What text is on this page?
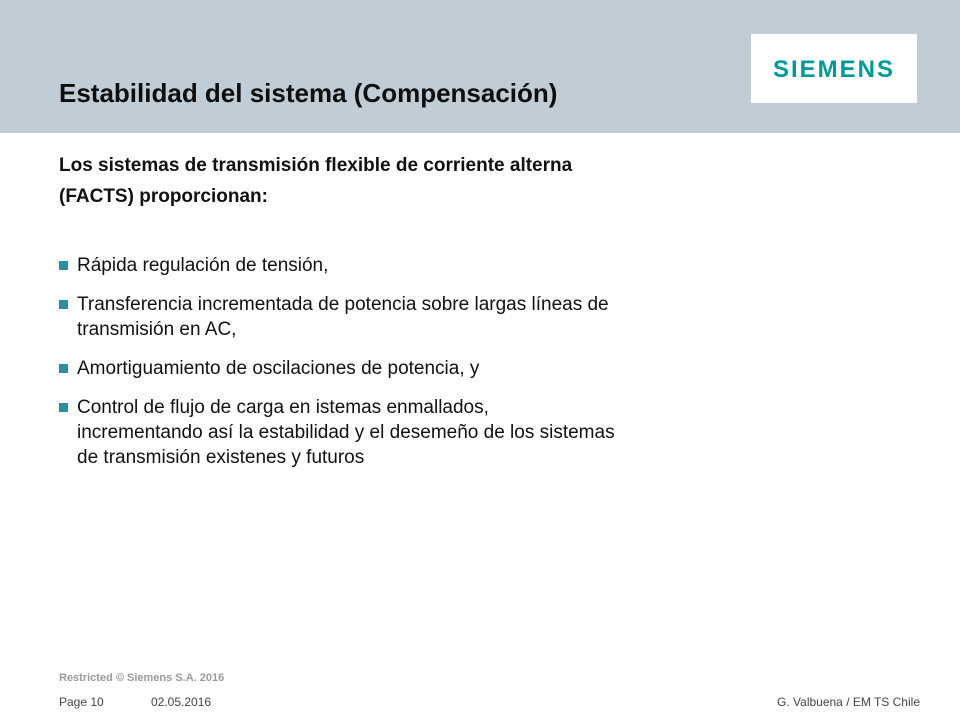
Estabilidad del sistema (Compensación)
SIEMENS
Los sistemas de transmisión flexible de corriente alterna
(FACTS) proporcionan:
Rápida regulación de tensión,
Transferencia incrementada de potencia sobre largas líneas de
transmisión en AC,
Amortiguamiento de oscilaciones de potencia, y
Control de flujo de carga en istemas enmallados,
incrementando así la estabilidad y el desemeño de los sistemas
de transmisión existenes y futuros
Restricted © Siemens S.A. 2016
Page 10	02.05.2016	G. Valbuena / EM TS Chile
